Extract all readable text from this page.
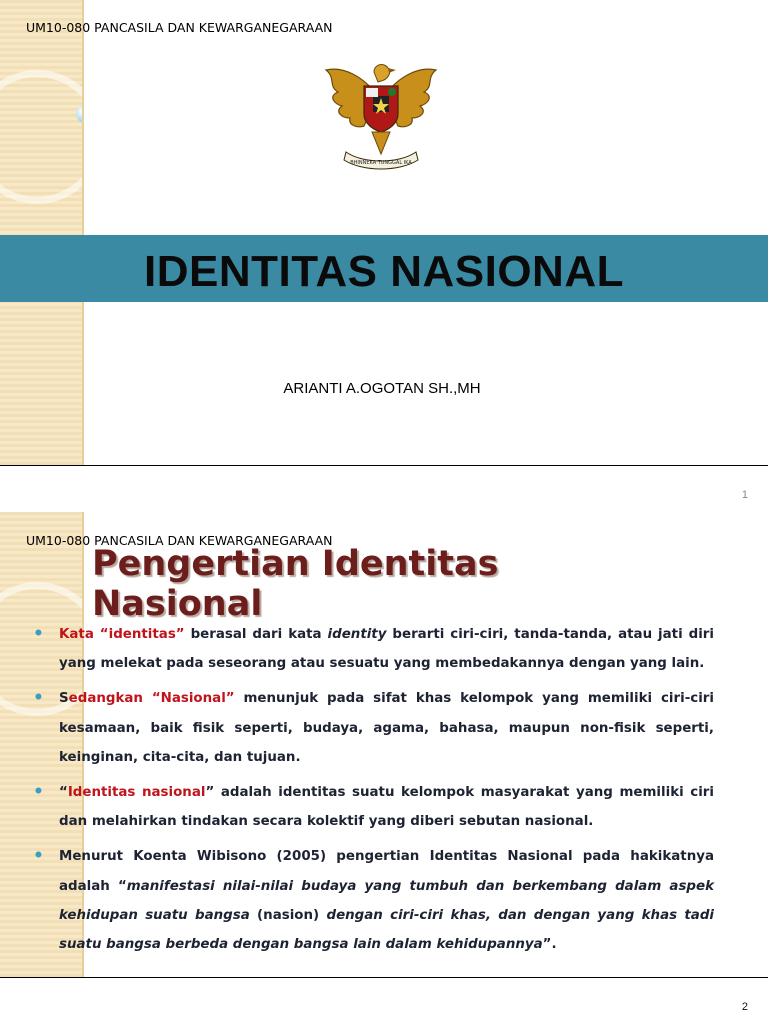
UM10-080 PANCASILA DAN KEWARGANEGARAAN
BHINNEKA TUNGGAL IKA
IDENTITAS NASIONAL
ARIANTI A.OGOTAN SH.,MH
1
UM10-080 PANCASILA DAN KEWARGANEGARAAN
Pengertian Identitas Nasional
• Kata “identitas” berasal dari kata identity berarti ciri-ciri, tanda-tanda, atau jati diri yang melekat pada seseorang atau sesuatu yang membedakannya dengan yang lain.
• Sedangkan “Nasional” menunjuk pada sifat khas kelompok yang memiliki ciri-ciri kesamaan, baik fisik seperti, budaya, agama, bahasa, maupun non-fisik seperti, keinginan, cita-cita, dan tujuan.
• “Identitas nasional” adalah identitas suatu kelompok masyarakat yang memiliki ciri dan melahirkan tindakan secara kolektif yang diberi sebutan nasional.
• Menurut Koenta Wibisono (2005) pengertian Identitas Nasional pada hakikatnya adalah “manifestasi nilai-nilai budaya yang tumbuh dan berkembang dalam aspek kehidupan suatu bangsa (nasion) dengan ciri-ciri khas, dan dengan yang khas tadi suatu bangsa berbeda dengan bangsa lain dalam kehidupannya”.
2
